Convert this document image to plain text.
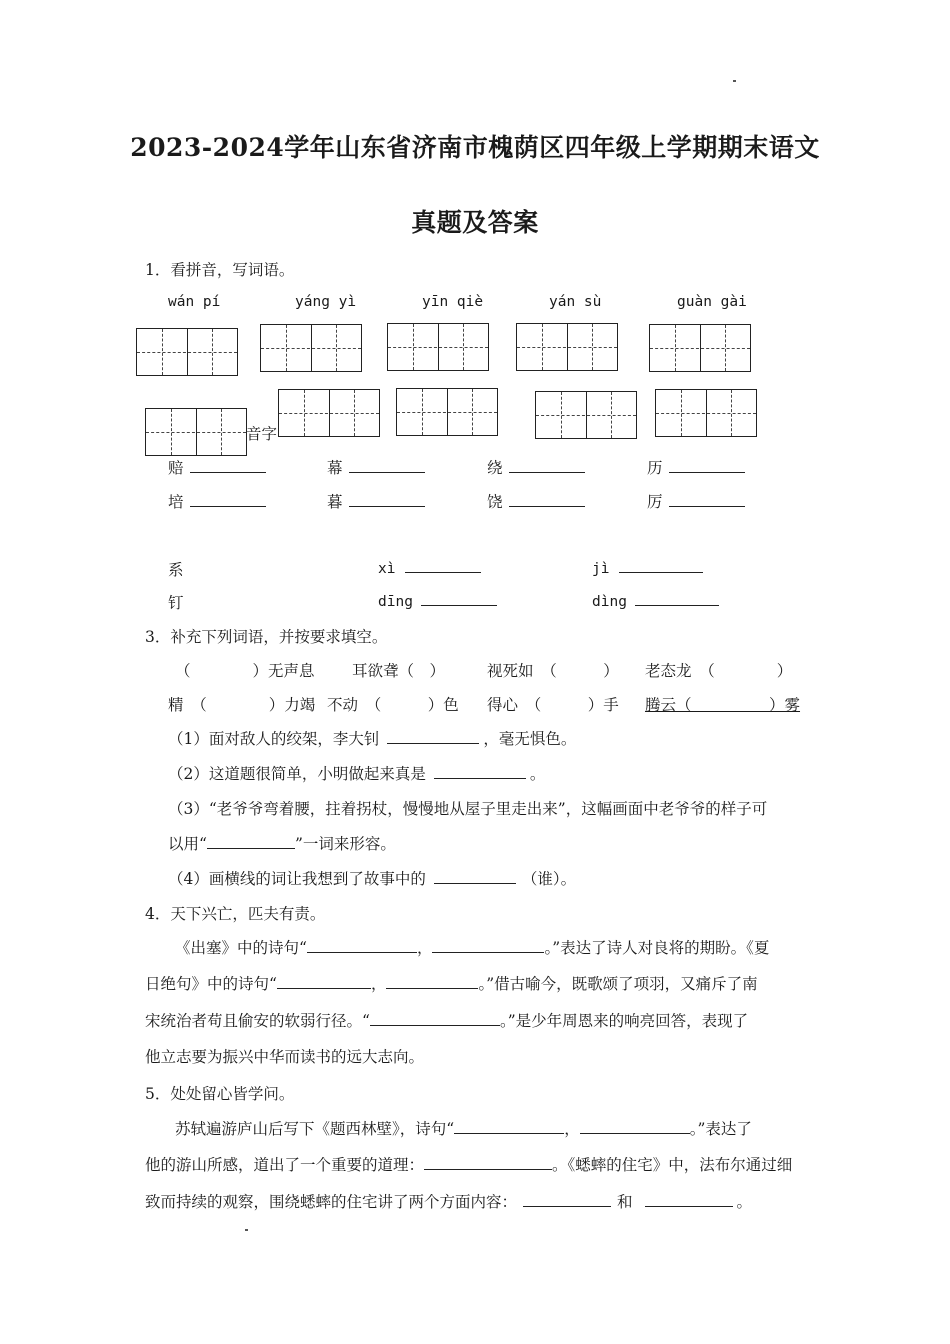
2023-2024学年山东省济南市槐荫区四年级上学期期末语文
真题及答案
1．看拼音，写词语。
wán pí	yáng yì	yīn qiè	yán sù	guàn gài
音字
赔	幕	绕	历
培	暮	饶	厉
系	xì	jì
钉	dīng	dìng
3．补充下列词语，并按要求填空。
（　　　　）无声息 耳欲聋（　）	视死如　（　　　） 老态龙　（　　　　）
精　（　　　　）力竭 不动　（　　　）色 得心　（　　　）手 腾云（　　　　　）雾
（1）面对敌人的绞架，李大钊	，毫无惧色。
（2）这道题很简单，小明做起来真是	。
（3）“老爷爷弯着腰，拄着拐杖，慢慢地从屋子里走出来”，这幅画面中老爷爷的样子可
以用“	”一词来形容。
（4）画横线的词让我想到了故事中的	（谁）。
4．天下兴亡，匹夫有责。
《出塞》中的诗句“	，	。”表达了诗人对良将的期盼。《夏
日绝句》中的诗句“	，	。”借古喻今，既歌颂了项羽，又痛斥了南
宋统治者苟且偷安的软弱行径。“	。”是少年周恩来的响亮回答，表现了
他立志要为振兴中华而读书的远大志向。
5．处处留心皆学问。
苏轼遍游庐山后写下《题西林壁》，诗句“	，	。”表达了
他的游山所感，道出了一个重要的道理：	。《蟋蟀的住宅》中，法布尔通过细
致而持续的观察，围绕蟋蟀的住宅讲了两个方面内容：	和	。
